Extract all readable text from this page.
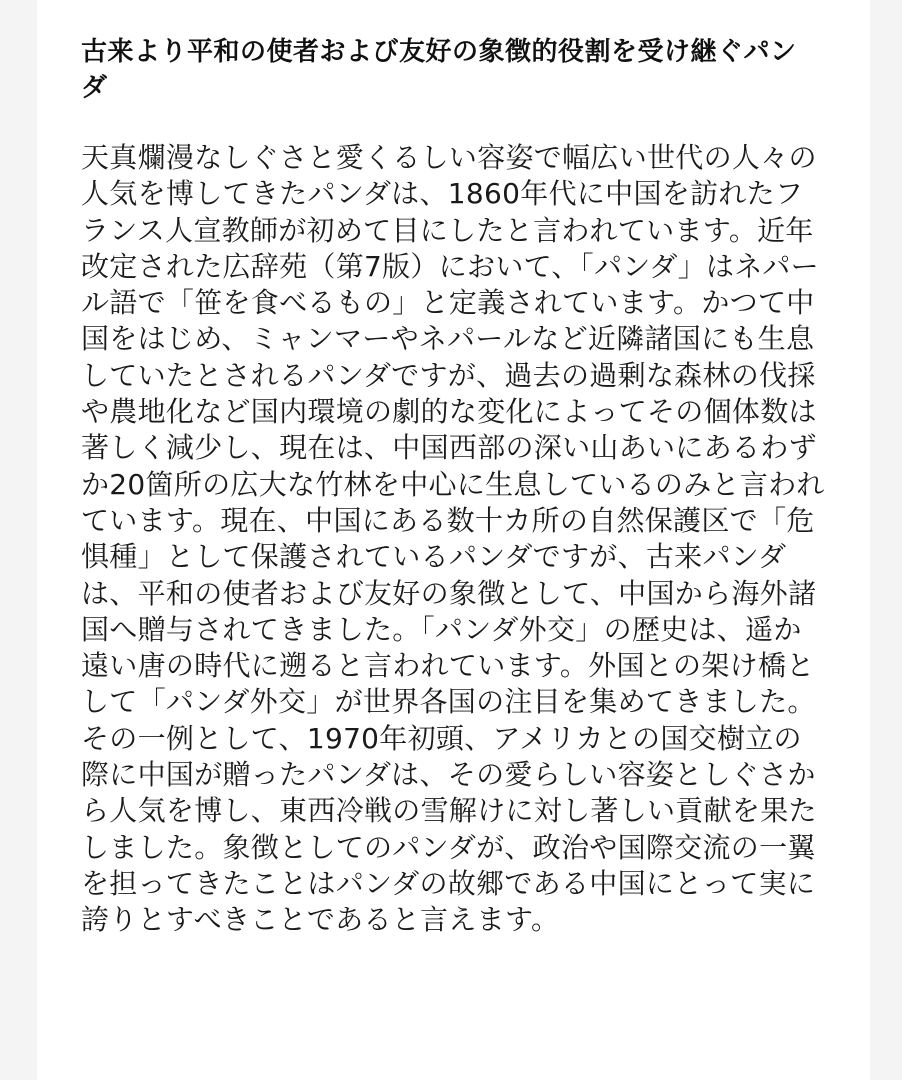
古来より平和の使者および友好の象徴的役割を受け継ぐパンダ

天真爛漫なしぐさと愛くるしい容姿で幅広い世代の人々の人気を博してきたパンダは、1860年代に中国を訪れたフランス人宣教師が初めて目にしたと言われています。近年改定された広辞苑（第7版）において、「パンダ」はネパール語で「笹を食べるもの」と定義されています。かつて中国をはじめ、ミャンマーやネパールなど近隣諸国にも生息していたとされるパンダですが、過去の過剰な森林の伐採や農地化など国内環境の劇的な変化によってその個体数は著しく減少し、現在は、中国西部の深い山あいにあるわずか20箇所の広大な竹林を中心に生息しているのみと言われています。現在、中国にある数十カ所の自然保護区で「危惧種」として保護されているパンダですが、古来パンダは、平和の使者および友好の象徴として、中国から海外諸国へ贈与されてきました。「パンダ外交」の歴史は、遥か遠い唐の時代に遡ると言われています。外国との架け橋として「パンダ外交」が世界各国の注目を集めてきました。その一例として、1970年初頭、アメリカとの国交樹立の際に中国が贈ったパンダは、その愛らしい容姿としぐさから人気を博し、東西冷戦の雪解けに対し著しい貢献を果たしました。象徴としてのパンダが、政治や国際交流の一翼を担ってきたことはパンダの故郷である中国にとって実に誇りとすべきことであると言えます。
